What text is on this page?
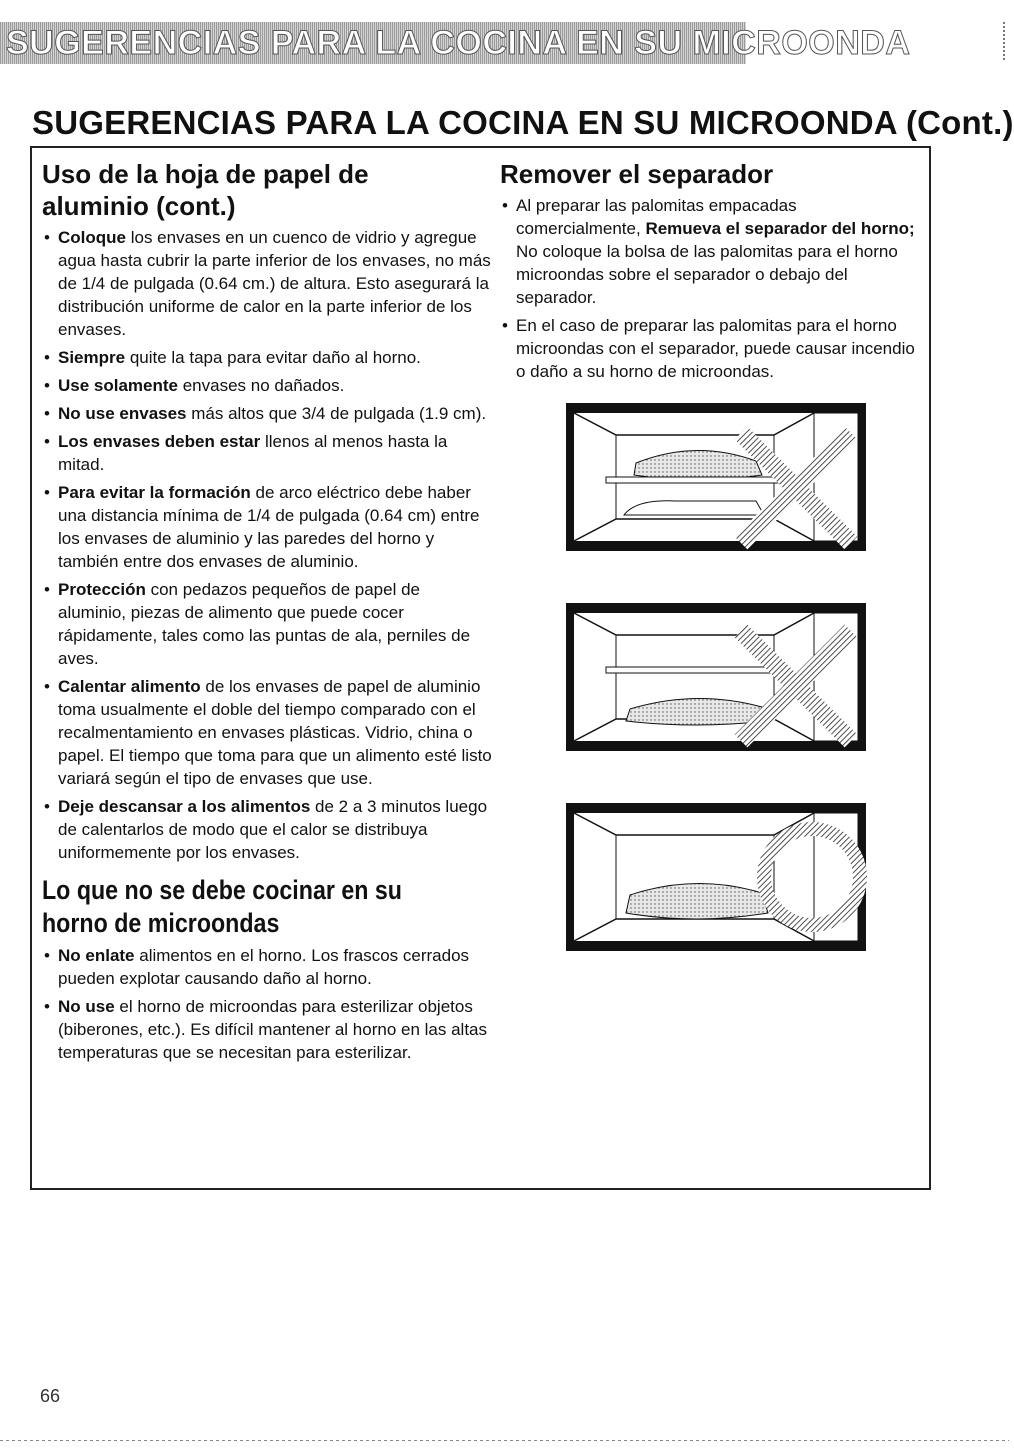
SUGERENCIAS PARA LA COCINA EN SU MICROONDA
SUGERENCIAS PARA LA COCINA EN SU MICROONDA (Cont.)
Uso de la hoja de papel de
aluminio (cont.)
• Coloque los envases en un cuenco de vidrio y agregue agua hasta cubrir la parte inferior de los envases, no más de 1/4 de pulgada (0.64 cm.) de altura. Esto asegurará la distribución uniforme de calor en la parte inferior de los envases.
• Siempre quite la tapa para evitar daño al horno.
• Use solamente envases no dañados.
• No use envases más altos que 3/4 de pulgada (1.9 cm).
• Los envases deben estar llenos al menos hasta la mitad.
• Para evitar la formación de arco eléctrico debe haber una distancia mínima de 1/4 de pulgada (0.64 cm) entre los envases de aluminio y las paredes del horno y también entre dos envases de aluminio.
• Protección con pedazos pequeños de papel de aluminio, piezas de alimento que puede cocer rápidamente, tales como las puntas de ala, perniles de aves.
• Calentar alimento de los envases de papel de aluminio toma usualmente el doble del tiempo comparado con el recalmentamiento en envases plásticas. Vidrio, china o papel. El tiempo que toma para que un alimento esté listo variará según el tipo de envases que use.
• Deje descansar a los alimentos de 2 a 3 minutos luego de calentarlos de modo que el calor se distribuya uniformemente por los envases.
Lo que no se debe cocinar en su
horno de microondas
• No enlate alimentos en el horno. Los frascos cerrados pueden explotar causando daño al horno.
• No use el horno de microondas para esterilizar objetos (biberones, etc.). Es difícil mantener al horno en las altas temperaturas que se necesitan para esterilizar.
Remover el separador
• Al preparar las palomitas empacadas comercialmente, Remueva el separador del horno; No coloque la bolsa de las palomitas para el horno microondas sobre el separador o debajo del separador.
• En el caso de preparar las palomitas para el horno microondas con el separador, puede causar incendio o daño a su horno de microondas.
66
